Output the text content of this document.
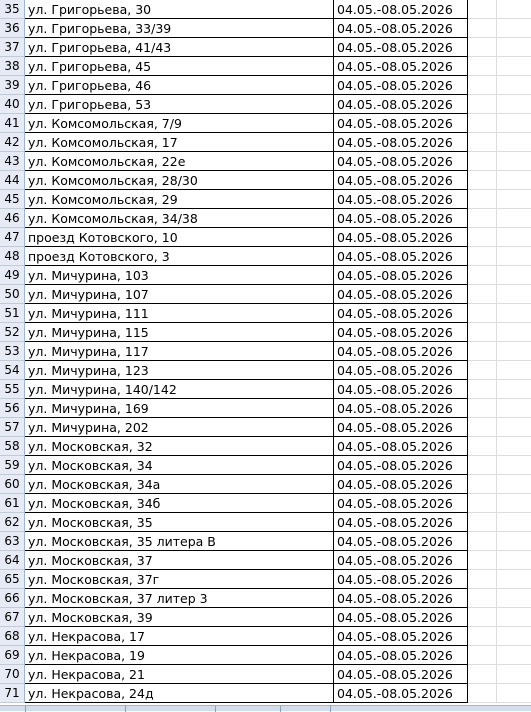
35 ул. Григорьева, 30	04.05.-08.05.2026
36 ул. Григорьева, 33/39	04.05.-08.05.2026
37 ул. Григорьева, 41/43	04.05.-08.05.2026
38 ул. Григорьева, 45	04.05.-08.05.2026
39 ул. Григорьева, 46	04.05.-08.05.2026
40 ул. Григорьева, 53	04.05.-08.05.2026
41 ул. Комсомольская, 7/9	04.05.-08.05.2026
42 ул. Комсомольская, 17	04.05.-08.05.2026
43 ул. Комсомольская, 22е	04.05.-08.05.2026
44 ул. Комсомольская, 28/30	04.05.-08.05.2026
45 ул. Комсомольская, 29	04.05.-08.05.2026
46 ул. Комсомольская, 34/38	04.05.-08.05.2026
47 проезд Котовского, 10	04.05.-08.05.2026
48 проезд Котовского, 3	04.05.-08.05.2026
49 ул. Мичурина, 103	04.05.-08.05.2026
50 ул. Мичурина, 107	04.05.-08.05.2026
51 ул. Мичурина, 111	04.05.-08.05.2026
52 ул. Мичурина, 115	04.05.-08.05.2026
53 ул. Мичурина, 117	04.05.-08.05.2026
54 ул. Мичурина, 123	04.05.-08.05.2026
55 ул. Мичурина, 140/142	04.05.-08.05.2026
56 ул. Мичурина, 169	04.05.-08.05.2026
57 ул. Мичурина, 202	04.05.-08.05.2026
58 ул. Московская, 32	04.05.-08.05.2026
59 ул. Московская, 34	04.05.-08.05.2026
60 ул. Московская, 34а	04.05.-08.05.2026
61 ул. Московская, 34б	04.05.-08.05.2026
62 ул. Московская, 35	04.05.-08.05.2026
63 ул. Московская, 35 литера В	04.05.-08.05.2026
64 ул. Московская, 37	04.05.-08.05.2026
65 ул. Московская, 37г	04.05.-08.05.2026
66 ул. Московская, 37 литер 3	04.05.-08.05.2026
67 ул. Московская, 39	04.05.-08.05.2026
68 ул. Некрасова, 17	04.05.-08.05.2026
69 ул. Некрасова, 19	04.05.-08.05.2026
70 ул. Некрасова, 21	04.05.-08.05.2026
71 ул. Некрасова, 24д	04.05.-08.05.2026
